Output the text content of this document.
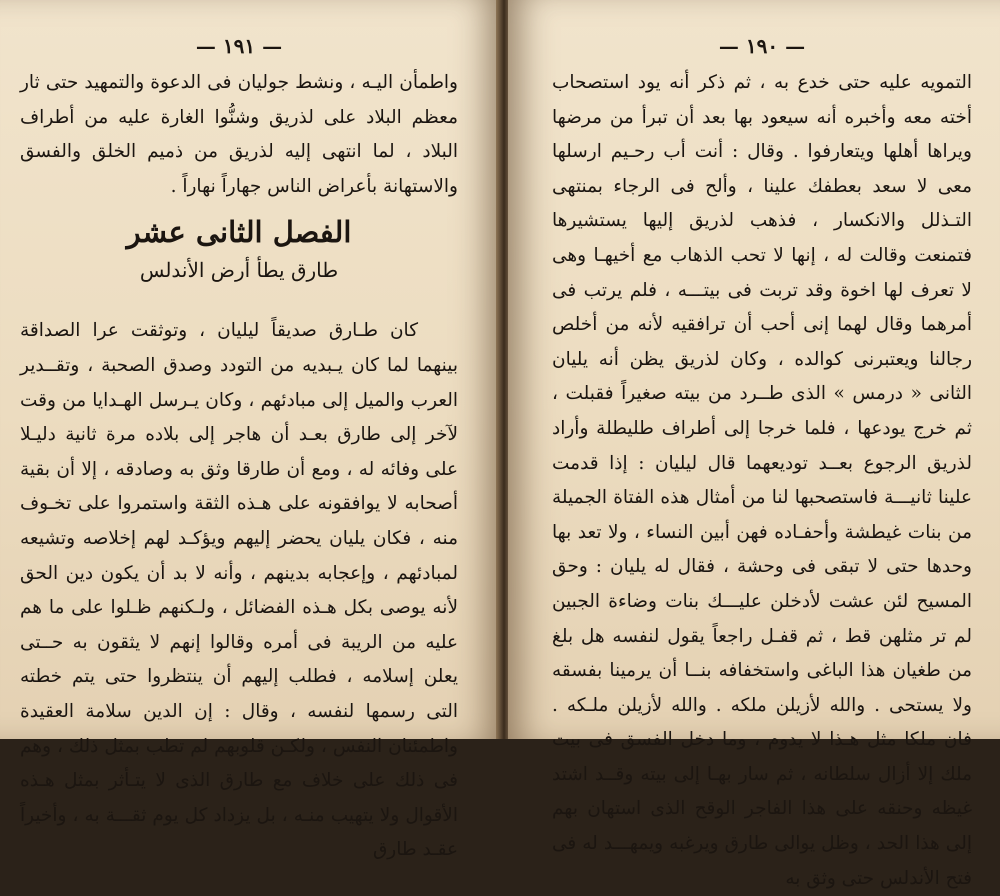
— ١٩١ —

واطمأن اليـه ، ونشط جوليان فى الدعوة والتمهيد حتى ثار معظم البلاد على لذريق وشنُّوا الغارة عليه من أطراف البلاد ، لما انتهى إليه لذريق من ذميم الخلق والفسق والاستهانة بأعراض الناس جهاراً نهاراً .

الفصل الثانى عشر
طارق يطأ أرض الأندلس

كان طـارق صديقاً ليليان ، وتوثقت عرا الصداقة بينهما لما كان يـبديه من التودد وصدق الصحبة ، وتقــدير العرب والميل إلى مبادئهم ، وكان يـرسل الهـدايا من وقت لآخر إلى طارق بعـد أن هاجر إلى بلاده مرة ثانية دليـلا على وفائه له ، ومع أن طارقا وثق به وصادقه ، إلا أن بقية أصحابه لا يوافقونه على هـذه الثقة واستمروا على تخـوف منه ، فكان يليان يحضر إليهم ويؤكـد لهم إخلاصه وتشيعه لمبادئهم ، وإعجابه بدينهم ، وأنه لا بد أن يكون دين الحق لأنه يوصى بكل هـذه الفضائل ، ولـكنهم ظـلوا على ما هم عليه من الريبة فى أمره وقالوا إنهم لا يثقون به حــتى يعلن إسلامه ، فطلب إليهم أن ينتظروا حتى يتم خطته التى رسمها لنفسه ، وقال : إن الدين سلامة العقيدة واطمئنان النفس ، ولكـن قلوبهم لم تطب بمثل ذلك ، وهم فى ذلك على خلاف مع طارق الذى لا يتـأثر بمثل هـذه الأقوال ولا يتهيب منـه ، بل يزداد كل يوم ثقـــة به ، وأخيراً عقـد طارق

— ١٩٠ —

التمويه عليه حتى خدع به ، ثم ذكر أنه يود استصحاب أخته معه وأخبره أنه سيعود بها بعد أن تبرأ من مرضها ويراها أهلها ويتعارفوا . وقال : أنت أب رحـيم ارسلها معى لا سعد بعطفك علينا ، وألح فى الرجاء بمنتهى التـذلل والانكسار ، فذهب لذريق إليها يستشيرها فتمنعت وقالت له ، إنها لا تحب الذهاب مع أخيهـا وهى لا تعرف لها اخوة وقد تربت فى بيتـــه ، فلم يرتب فى أمرهما وقال لهما إنى أحب أن ترافقيه لأنه من أخلص رجالنا ويعتبرنى كوالده ، وكان لذريق يظن أنه يليان الثانى « درمس » الذى طــرد من بيته صغيراً فقبلت ، ثم خرج يودعها ، فلما خرجا إلى أطراف طليطلة وأراد لذريق الرجوع بعــد توديعهما قال ليليان : إذا قدمت علينا ثانيـــة فاستصحبها لنا من أمثال هذه الفتاة الجميلة من بنات غيطشة وأحفـاده فهن أبين النساء ، ولا تعد بها وحدها حتى لا تبقى فى وحشة ، فقال له يليان : وحق المسيح لئن عشت لأدخلن عليـــك بنات وضاءة الجبين لم تر مثلهن قط ، ثم قفـل راجعاً يقول لنفسه هل بلغ من طغيان هذا الباغى واستخفافه بنــا أن يرمينا بفسقه ولا يستحى . والله لأزيلن ملكه . والله لأزيلن ملـكه . فان ملكا مثل هـذا لا يدوم ، وما دخل الفسق فى بيت ملك إلا أزال سلطانه ، ثم سار بهـا إلى بيته وقــد اشتد غيظه وحنقه على هذا الفاجر الوقح الذى استهان بهم إلى هذا الحد ، وظل يوالى طارق ويرغبه ويمهـــد له فى فتح الأندلس حتى وثق به
